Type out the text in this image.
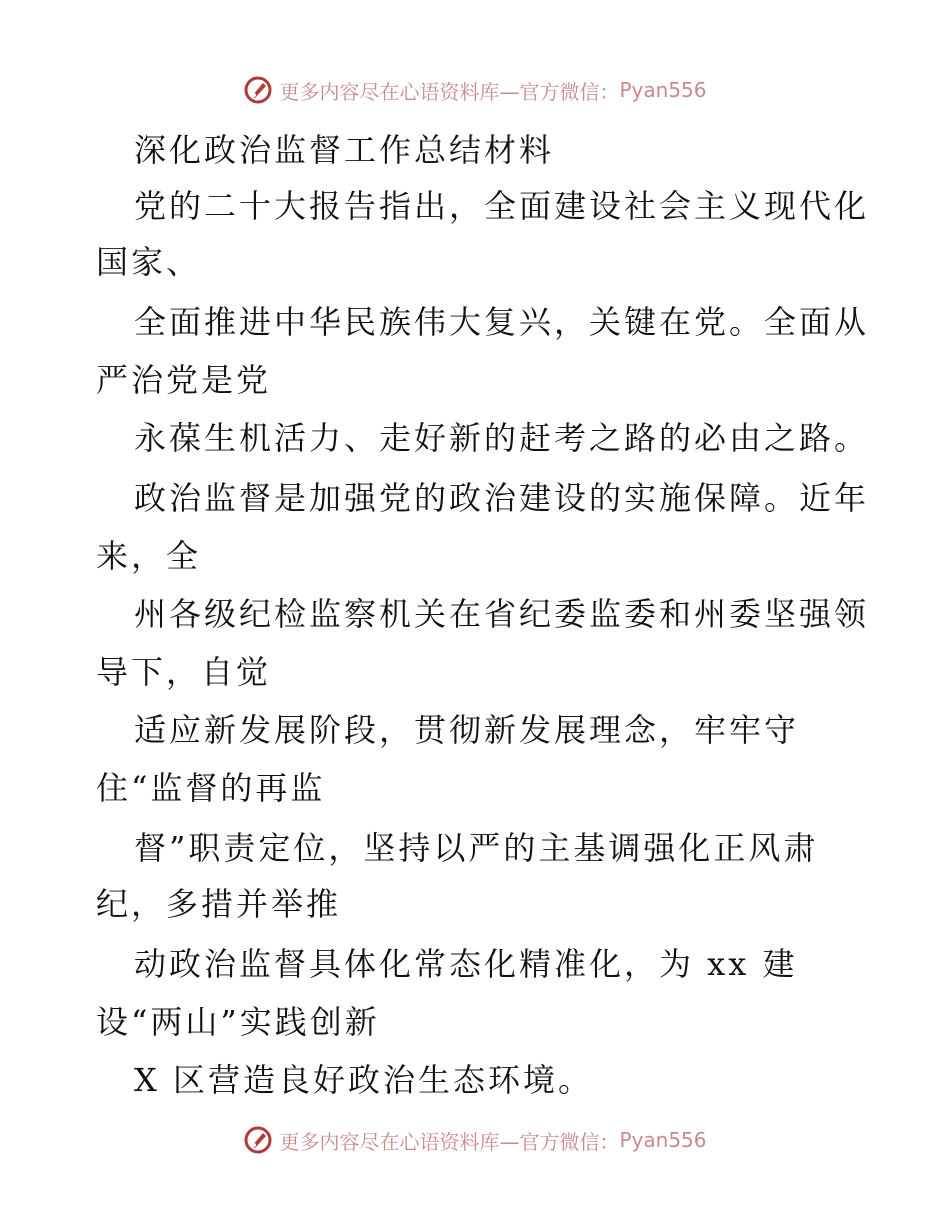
更多内容尽在心语资料库—官方微信： Pyan556
深化政治监督工作总结材料
党的二十大报告指出，全面建设社会主义现代化
国家、
全面推进中华民族伟大复兴，关键在党。全面从
严治党是党
永葆生机活力、走好新的赶考之路的必由之路。
政治监督是加强党的政治建设的实施保障。近年
来，全
州各级纪检监察机关在省纪委监委和州委坚强领
导下，自觉
适应新发展阶段，贯彻新发展理念，牢牢守
住“监督的再监
督”职责定位，坚持以严的主基调强化正风肃
纪，多措并举推
动政治监督具体化常态化精准化，为 xx 建
设“两山”实践创新
X 区营造良好政治生态环境。
更多内容尽在心语资料库—官方微信： Pyan556
